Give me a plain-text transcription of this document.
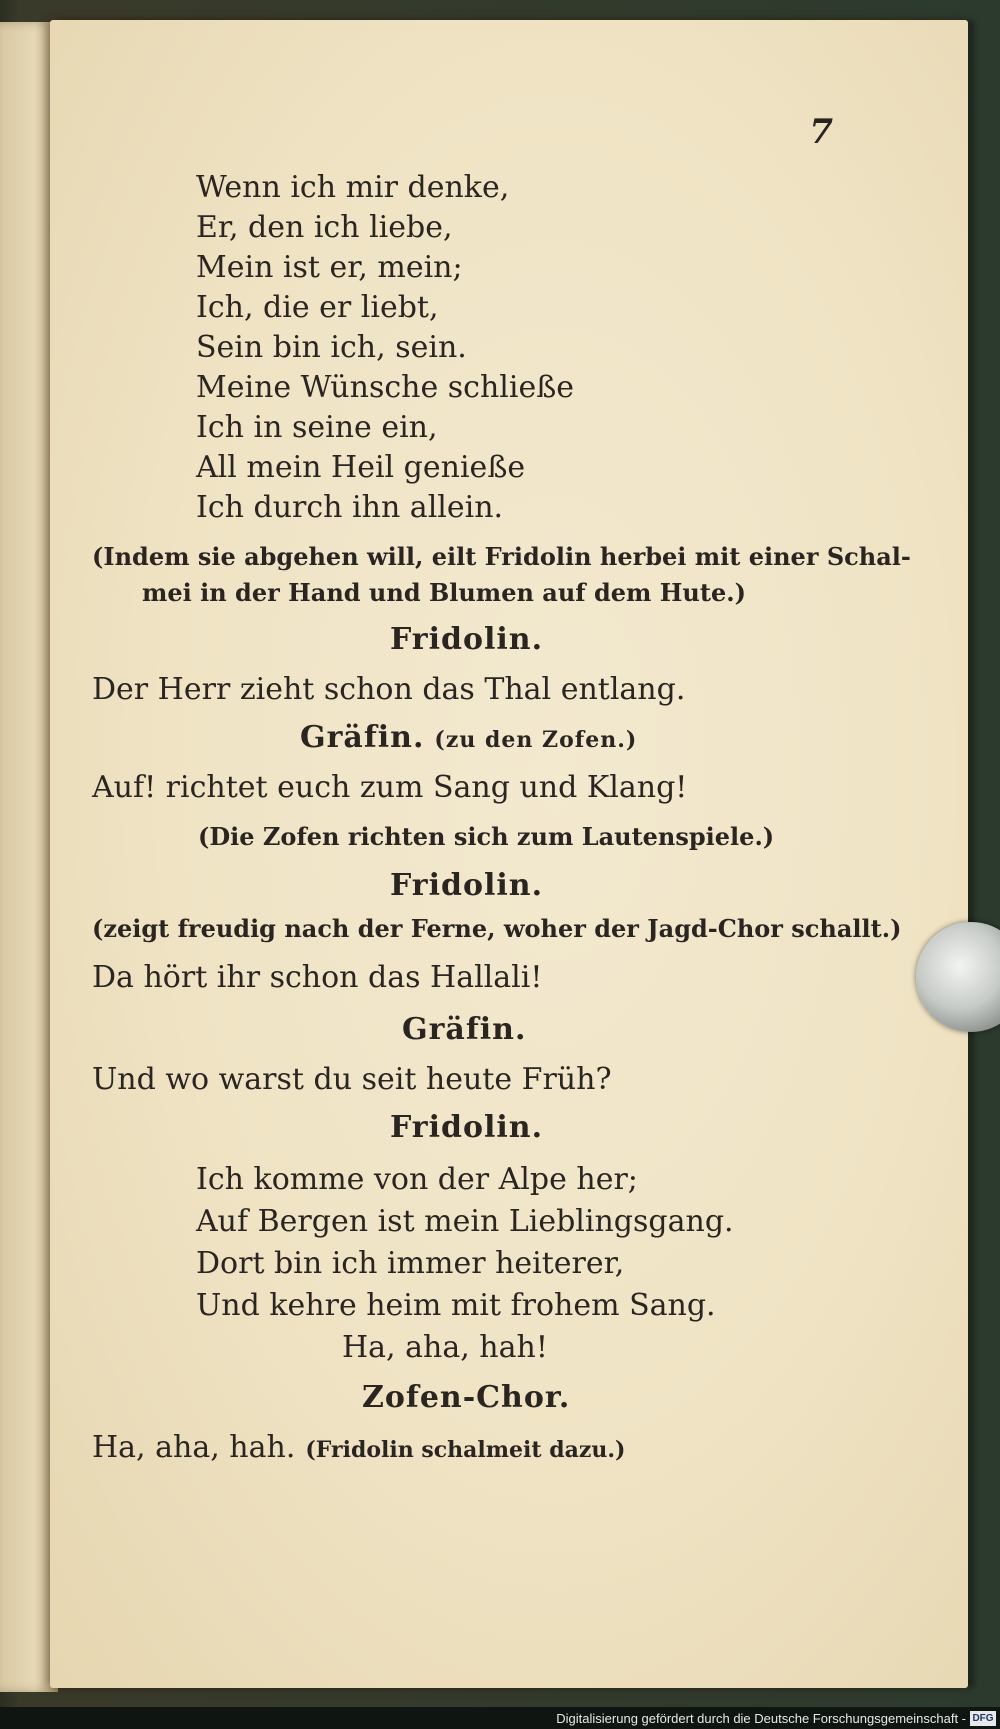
7
Wenn ich mir denke,
Er, den ich liebe,
Mein ist er, mein;
Ich, die er liebt,
Sein bin ich, sein.
Meine Wünsche schließe
Ich in seine ein,
All mein Heil genieße
Ich durch ihn allein.
(Indem sie abgehen will, eilt Fridolin herbei mit einer Schal-
mei in der Hand und Blumen auf dem Hute.)
Fridolin.
Der Herr zieht schon das Thal entlang.
Gräfin. (zu den Zofen.)
Auf! richtet euch zum Sang und Klang!
(Die Zofen richten sich zum Lautenspiele.)
Fridolin.
(zeigt freudig nach der Ferne, woher der Jagd-Chor schallt.)
Da hört ihr schon das Hallali!
Gräfin.
Und wo warst du seit heute Früh?
Fridolin.
Ich komme von der Alpe her;
Auf Bergen ist mein Lieblingsgang.
Dort bin ich immer heiterer,
Und kehre heim mit frohem Sang.
Ha, aha, hah!
Zofen-Chor.
Ha, aha, hah. (Fridolin schalmeit dazu.)
Digitalisierung gefördert durch die Deutsche Forschungsgemeinschaft - DFG
